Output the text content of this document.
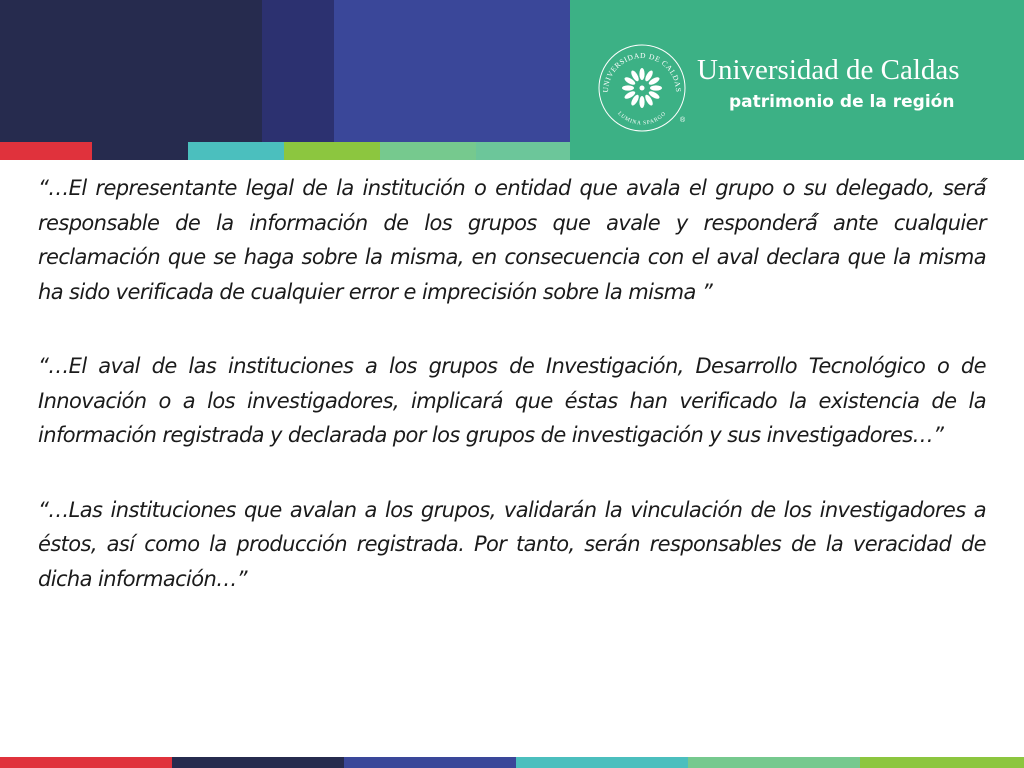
UNIVERSIDAD DE CALDAS
LUMINA SPARGO
®
Universidad de Caldas
patrimonio de la región

“…El representante legal de la institución o entidad que avala el grupo o su delegado, será́ responsable de la información de los grupos que avale y responderá́ ante cualquier reclamación que se haga sobre la misma, en consecuencia con el aval declara que la misma ha sido verificada de cualquier error e imprecisión sobre la misma ”

“…El aval de las instituciones a los grupos de Investigación, Desarrollo Tecnológico o de Innovación o a los investigadores, implicará que éstas han verificado la existencia de la información registrada y declarada por los grupos de investigación y sus investigadores…”

“…Las instituciones que avalan a los grupos, validarán la vinculación de los investigadores a éstos, así como la producción registrada. Por tanto, serán responsables de la veracidad de dicha información…”
